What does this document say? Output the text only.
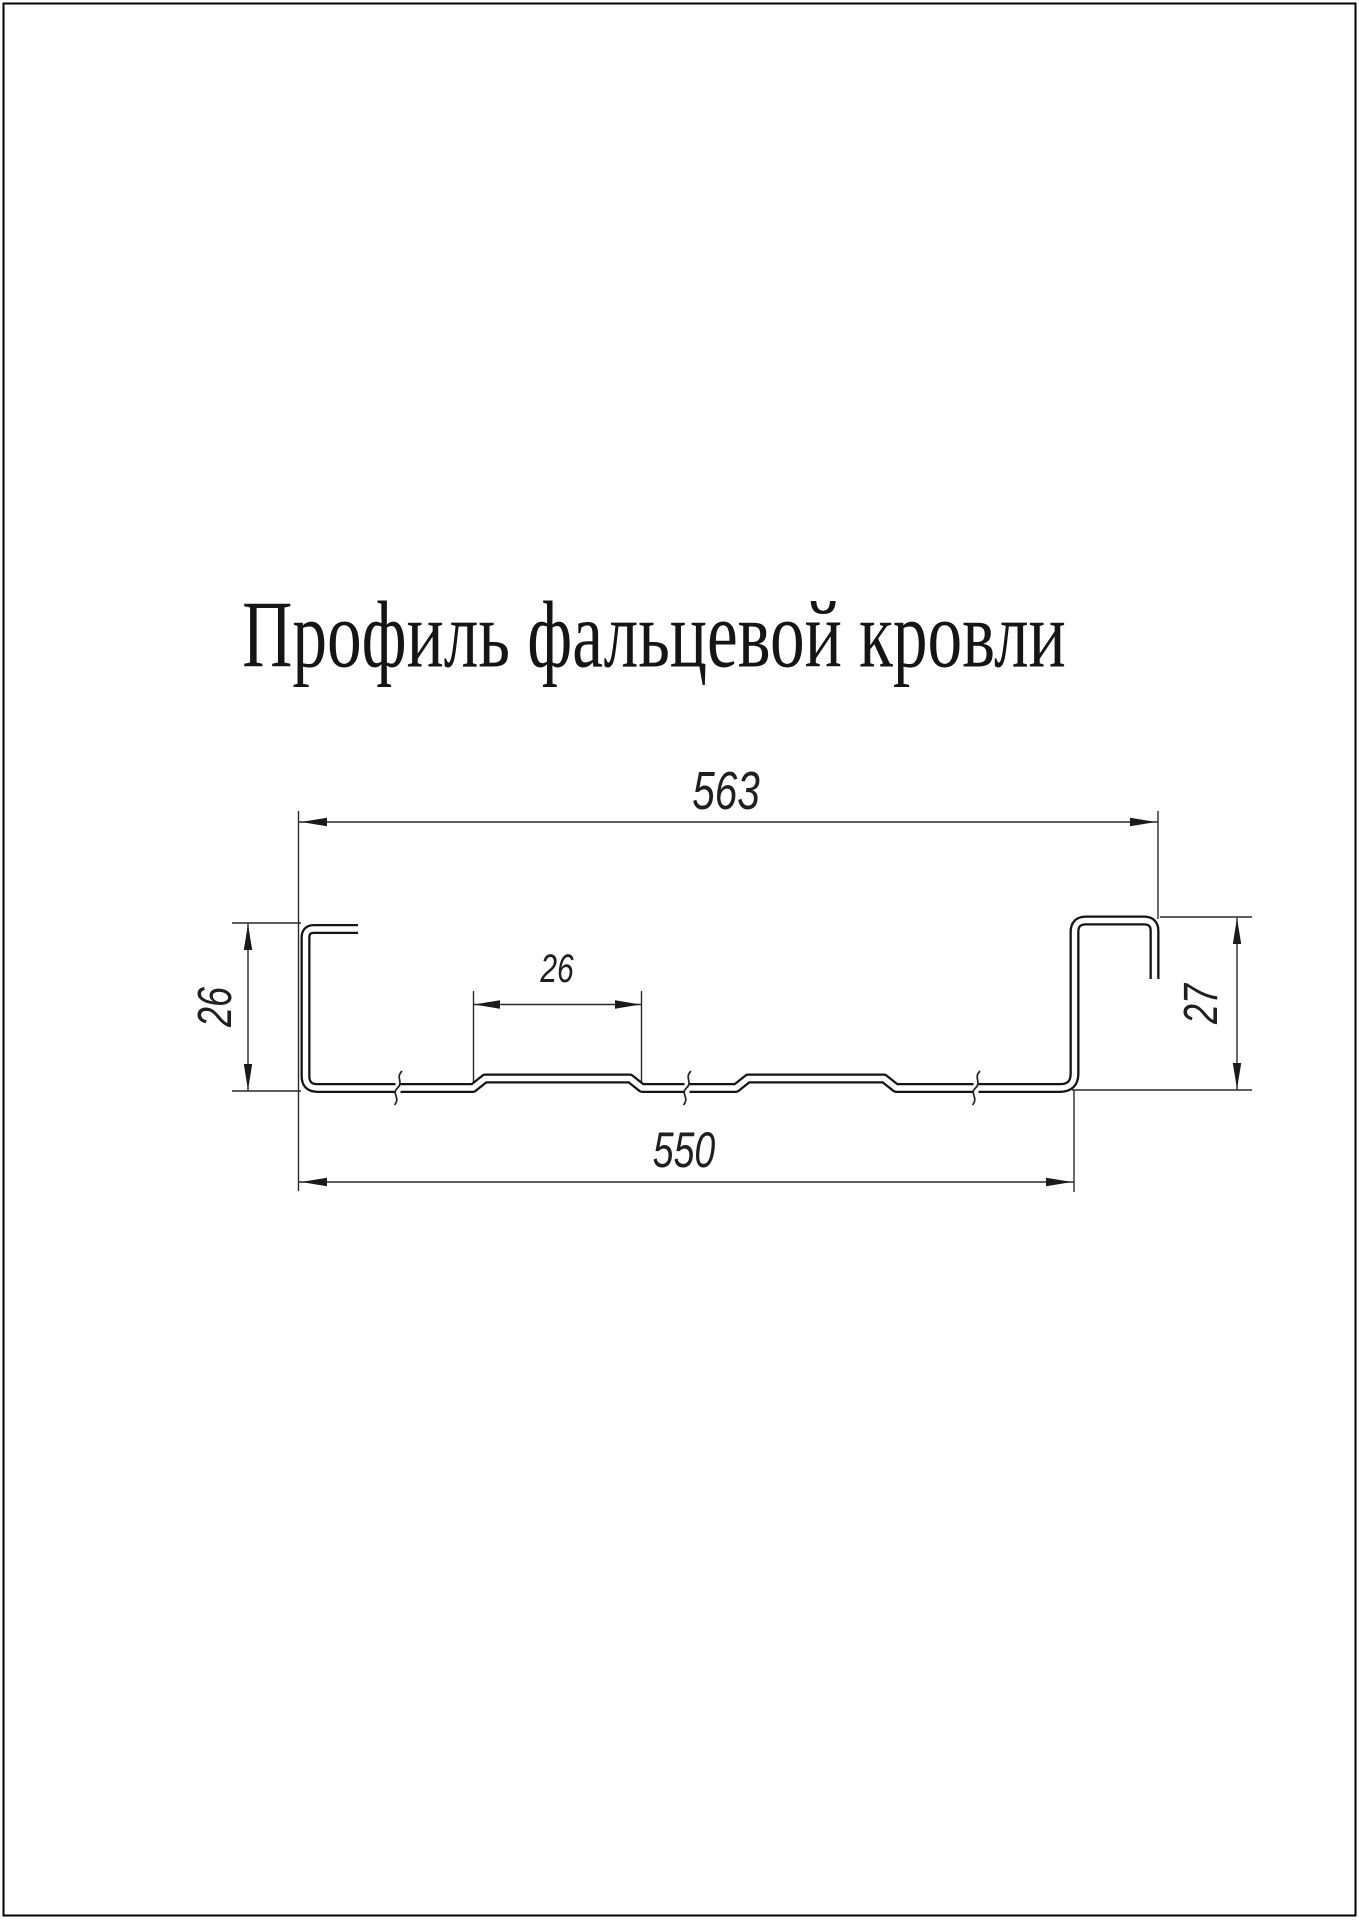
Профиль фальцевой кровли
563
550
26
26	27
